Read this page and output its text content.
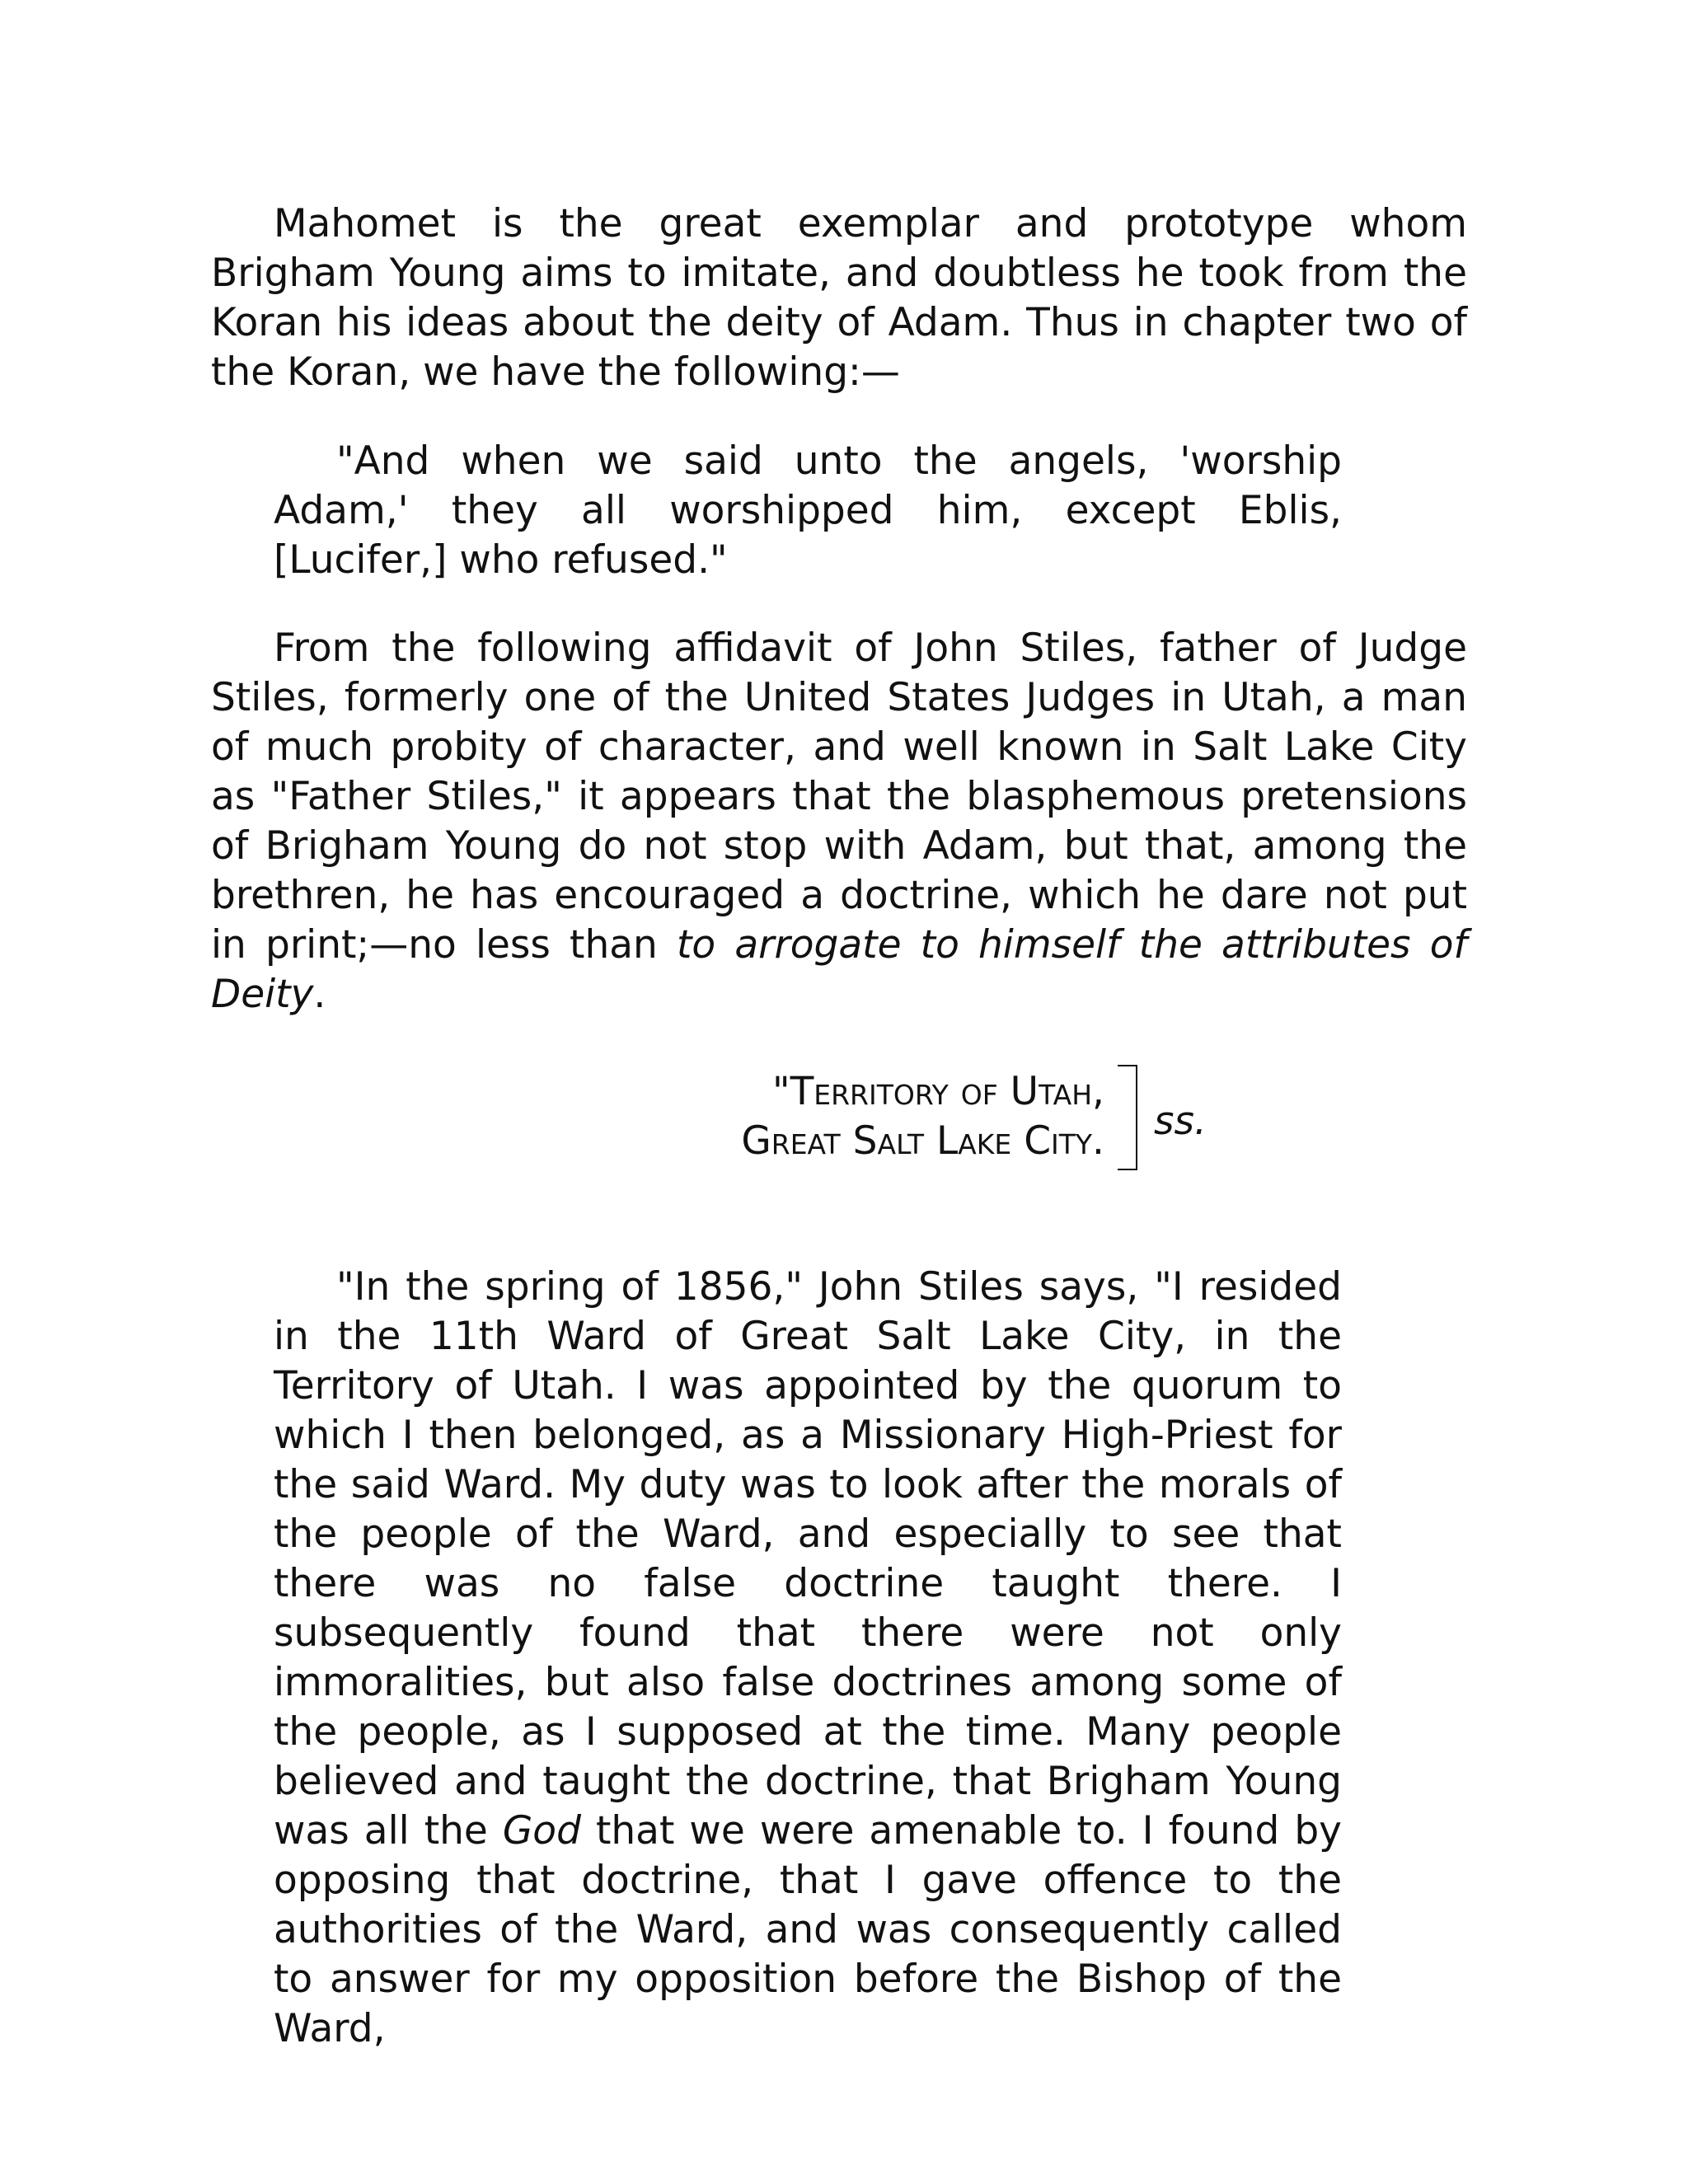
Mahomet is the great exemplar and prototype whom Brigham Young aims to imitate, and doubtless he took from the Koran his ideas about the deity of Adam. Thus in chapter two of the Koran, we have the following:—

"And when we said unto the angels, 'worship Adam,' they all worshipped him, except Eblis, [Lucifer,] who refused."

From the following affidavit of John Stiles, father of Judge Stiles, formerly one of the United States Judges in Utah, a man of much probity of character, and well known in Salt Lake City as "Father Stiles," it appears that the blasphemous pretensions of Brigham Young do not stop with Adam, but that, among the brethren, he has encouraged a doctrine, which he dare not put in print;—no less than to arrogate to himself the attributes of Deity.

"Territory of Utah,
Great Salt Lake City. ss.

"In the spring of 1856," John Stiles says, "I resided in the 11th Ward of Great Salt Lake City, in the Territory of Utah. I was appointed by the quorum to which I then belonged, as a Missionary High-Priest for the said Ward. My duty was to look after the morals of the people of the Ward, and especially to see that there was no false doctrine taught there. I subsequently found that there were not only immoralities, but also false doctrines among some of the people, as I supposed at the time. Many people believed and taught the doctrine, that Brigham Young was all the God that we were amenable to. I found by opposing that doctrine, that I gave offence to the authorities of the Ward, and was consequently called to answer for my opposition before the Bishop of the Ward,
